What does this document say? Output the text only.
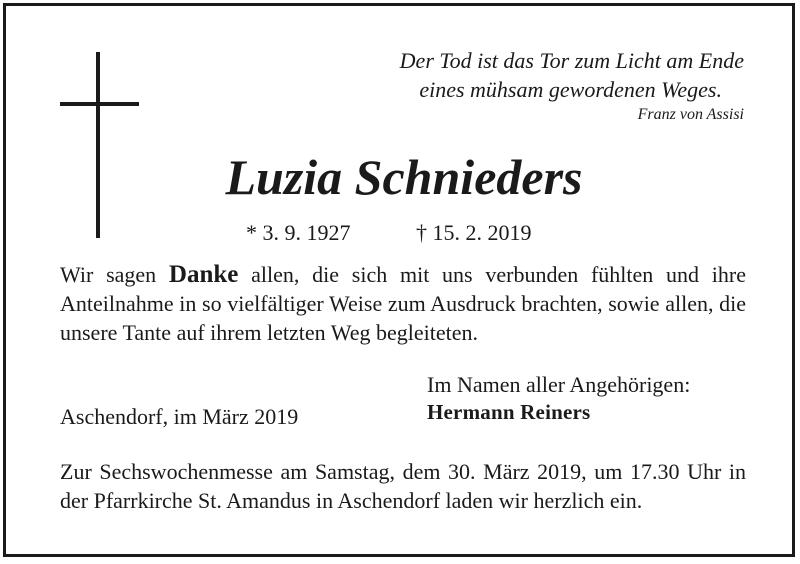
Der Tod ist das Tor zum Licht am Ende
eines mühsam gewordenen Weges.
Franz von Assisi
Luzia Schnieders
* 3. 9. 1927	† 15. 2. 2019
Wir sagen Danke allen, die sich mit uns verbunden fühlten und ihre Anteilnahme in so vielfältiger Weise zum Ausdruck brachten, sowie allen, die unsere Tante auf ihrem letzten Weg begleiteten.
Im Namen aller Angehörigen:
Aschendorf, im März 2019	Hermann Reiners
Zur Sechswochenmesse am Samstag, dem 30. März 2019, um 17.30 Uhr in der Pfarrkirche St. Amandus in Aschendorf laden wir herzlich ein.
